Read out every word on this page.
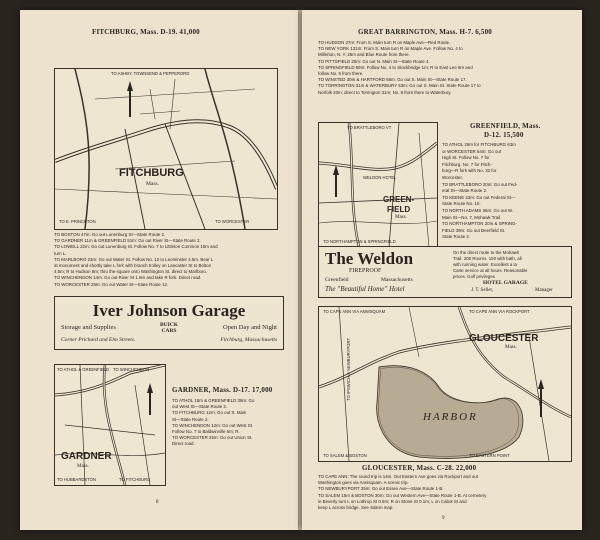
FITCHBURG, Mass. D-19. 41,000
TO ASHBY, TOWNSEND & PEPPERORD
TO E. PRINCETON	TO WORCESTER
FITCHBURG
Mass.
TO BOSTON 47m: Go out Lunenburg St—State Route 2.
TO GARDNER 11m & GREENFIELD 51m: Go out River St—State Route 2.
TO LOWELL 22m: Go out Lunenburg St. Follow No. 7 to Littleton Common 15m and
turn L.
TO MARLBORO 23m: Go out Water St. Follow No. 12 to Leominster 4.5m. Bear L
at monument and shortly take L fork with branch trolley on Lancaster St to Bolton
4.5m; R to Hudson 8m; thru the square onto Washington St. direct to Marlboro.
TO WINCHENDON 14m: Go out River St 1.5m and take R fork. Direct road.
TO WORCESTER 25m: Go out Water St—State Route 12.
Iver Johnson Garage
Storage and Supplies	BUICK
CARS	Open Day and Night
Corner Prichard and Elm Streets.	Fitchburg, Massachusetts
TO ATHOL & GREENFIELD TO WINCHENDON
TO HUBBARDSTON	TO FITCHBURG
GARDNER
Mass.
GARDNER, Mass. D-17. 17,000
TO ATHOL 15m & GREENFIELD 38m: Go
out West St—State Route 2.
TO FITCHBURG 12m: Go out S. Main
St—State Route 2.
TO WINCHENDON 12m: Go out West St.
Follow No. 7 to Baldwinville 5m; R.
TO WORCESTER 25m: Go out Union St.
Direct road.
8
GREAT BARRINGTON, Mass. H-7. 6,500
TO HUDSON 27m: From S. Main turn R on Maple Ave—Red Route.
TO NEW YORK 131m: From S. Main turn R on Maple Ave. Follow No. 4 to
Millerton, N. Y. 25m and Blue Route from there.
TO PITTSFIELD 20m: Go out N. Main St—State Route 4.
TO SPRINGFIELD 59m: Follow No. 4 to Stockbridge 1m; R to East Lee 6m and
follow No. 5 from there.
TO WINSTED 30m & HARTFORD 56m: Go out S. Main St—State Route 17.
TO TORRINGTON 31m & WATERBURY 53m: Go out S. Main St. State Route 17 to
Norfolk 20m; direct to Torrington 31m; No. 8 from there to Waterbury.
TO BRATTLEBORO VT
TO NORTHAMPTON & SPRINGFIELD
WELDON HOTEL
GREEN-
FIELD
Mass.
GREENFIELD, Mass.
D-12. 15,500
TO ATHOL 26m for FITCHBURG 63m
or WORCESTER 64m: Go out
High St. Follow No. 7 for
Fitchburg. No. 7 for Fitch-
burg—R fork with No. 32 for
Worcester.
TO BRATTLEBORO 20m: Go out Fed-
eral St—State Route 2.
TO KEENE 23m: Go out Federal St—
State Route No. 10.
TO NORTH ADAMS 36m: Go out W.
Main St—No. 7, Mohawk Trail.
TO NORTHAMPTON 20m & SPRING-
FIELD 39m: Go out Deerfield St.
State Route 2.
The Weldon
FIREPROOF
Greenfield	Massachusetts
The "Beautiful Home" Hotel
On the direct route to the Mohawk
Trail. 200 Rooms. 150 with bath, all
with running water. Excellent a la
Carte service at all hours. Reasonable
prices. Golf privileges
HOTEL GARAGE
J. T. Seller,	Manager
TO CAPE ANN VIA ANNISQUAM	TO CAPE ANN VIA ROCKPORT
TO IPSWICH & NEWBURYPORT
TO SALEM & BOSTON	TO EASTERN POINT
GLOUCESTER
Mass.
HARBOR
GLOUCESTER, Mass. C-28. 22,000
TO CAPE ANN: The round trip is 14m. Out Eastern Ave goes via Rockport and out
Washington goes via Annisquam. A scenic trip.
TO NEWBURYPORT 25m: Go out Essex Ave—State Route 1-B.
TO SALEM 15m & BOSTON 30m: Go out Western Ave—State Route 1-B. At cemetery
in Beverly turn L on Lothrop St 0.5m; R on Stone St 0.1m; L on Cabot St and
keep L across bridge. See Salem map.
9
